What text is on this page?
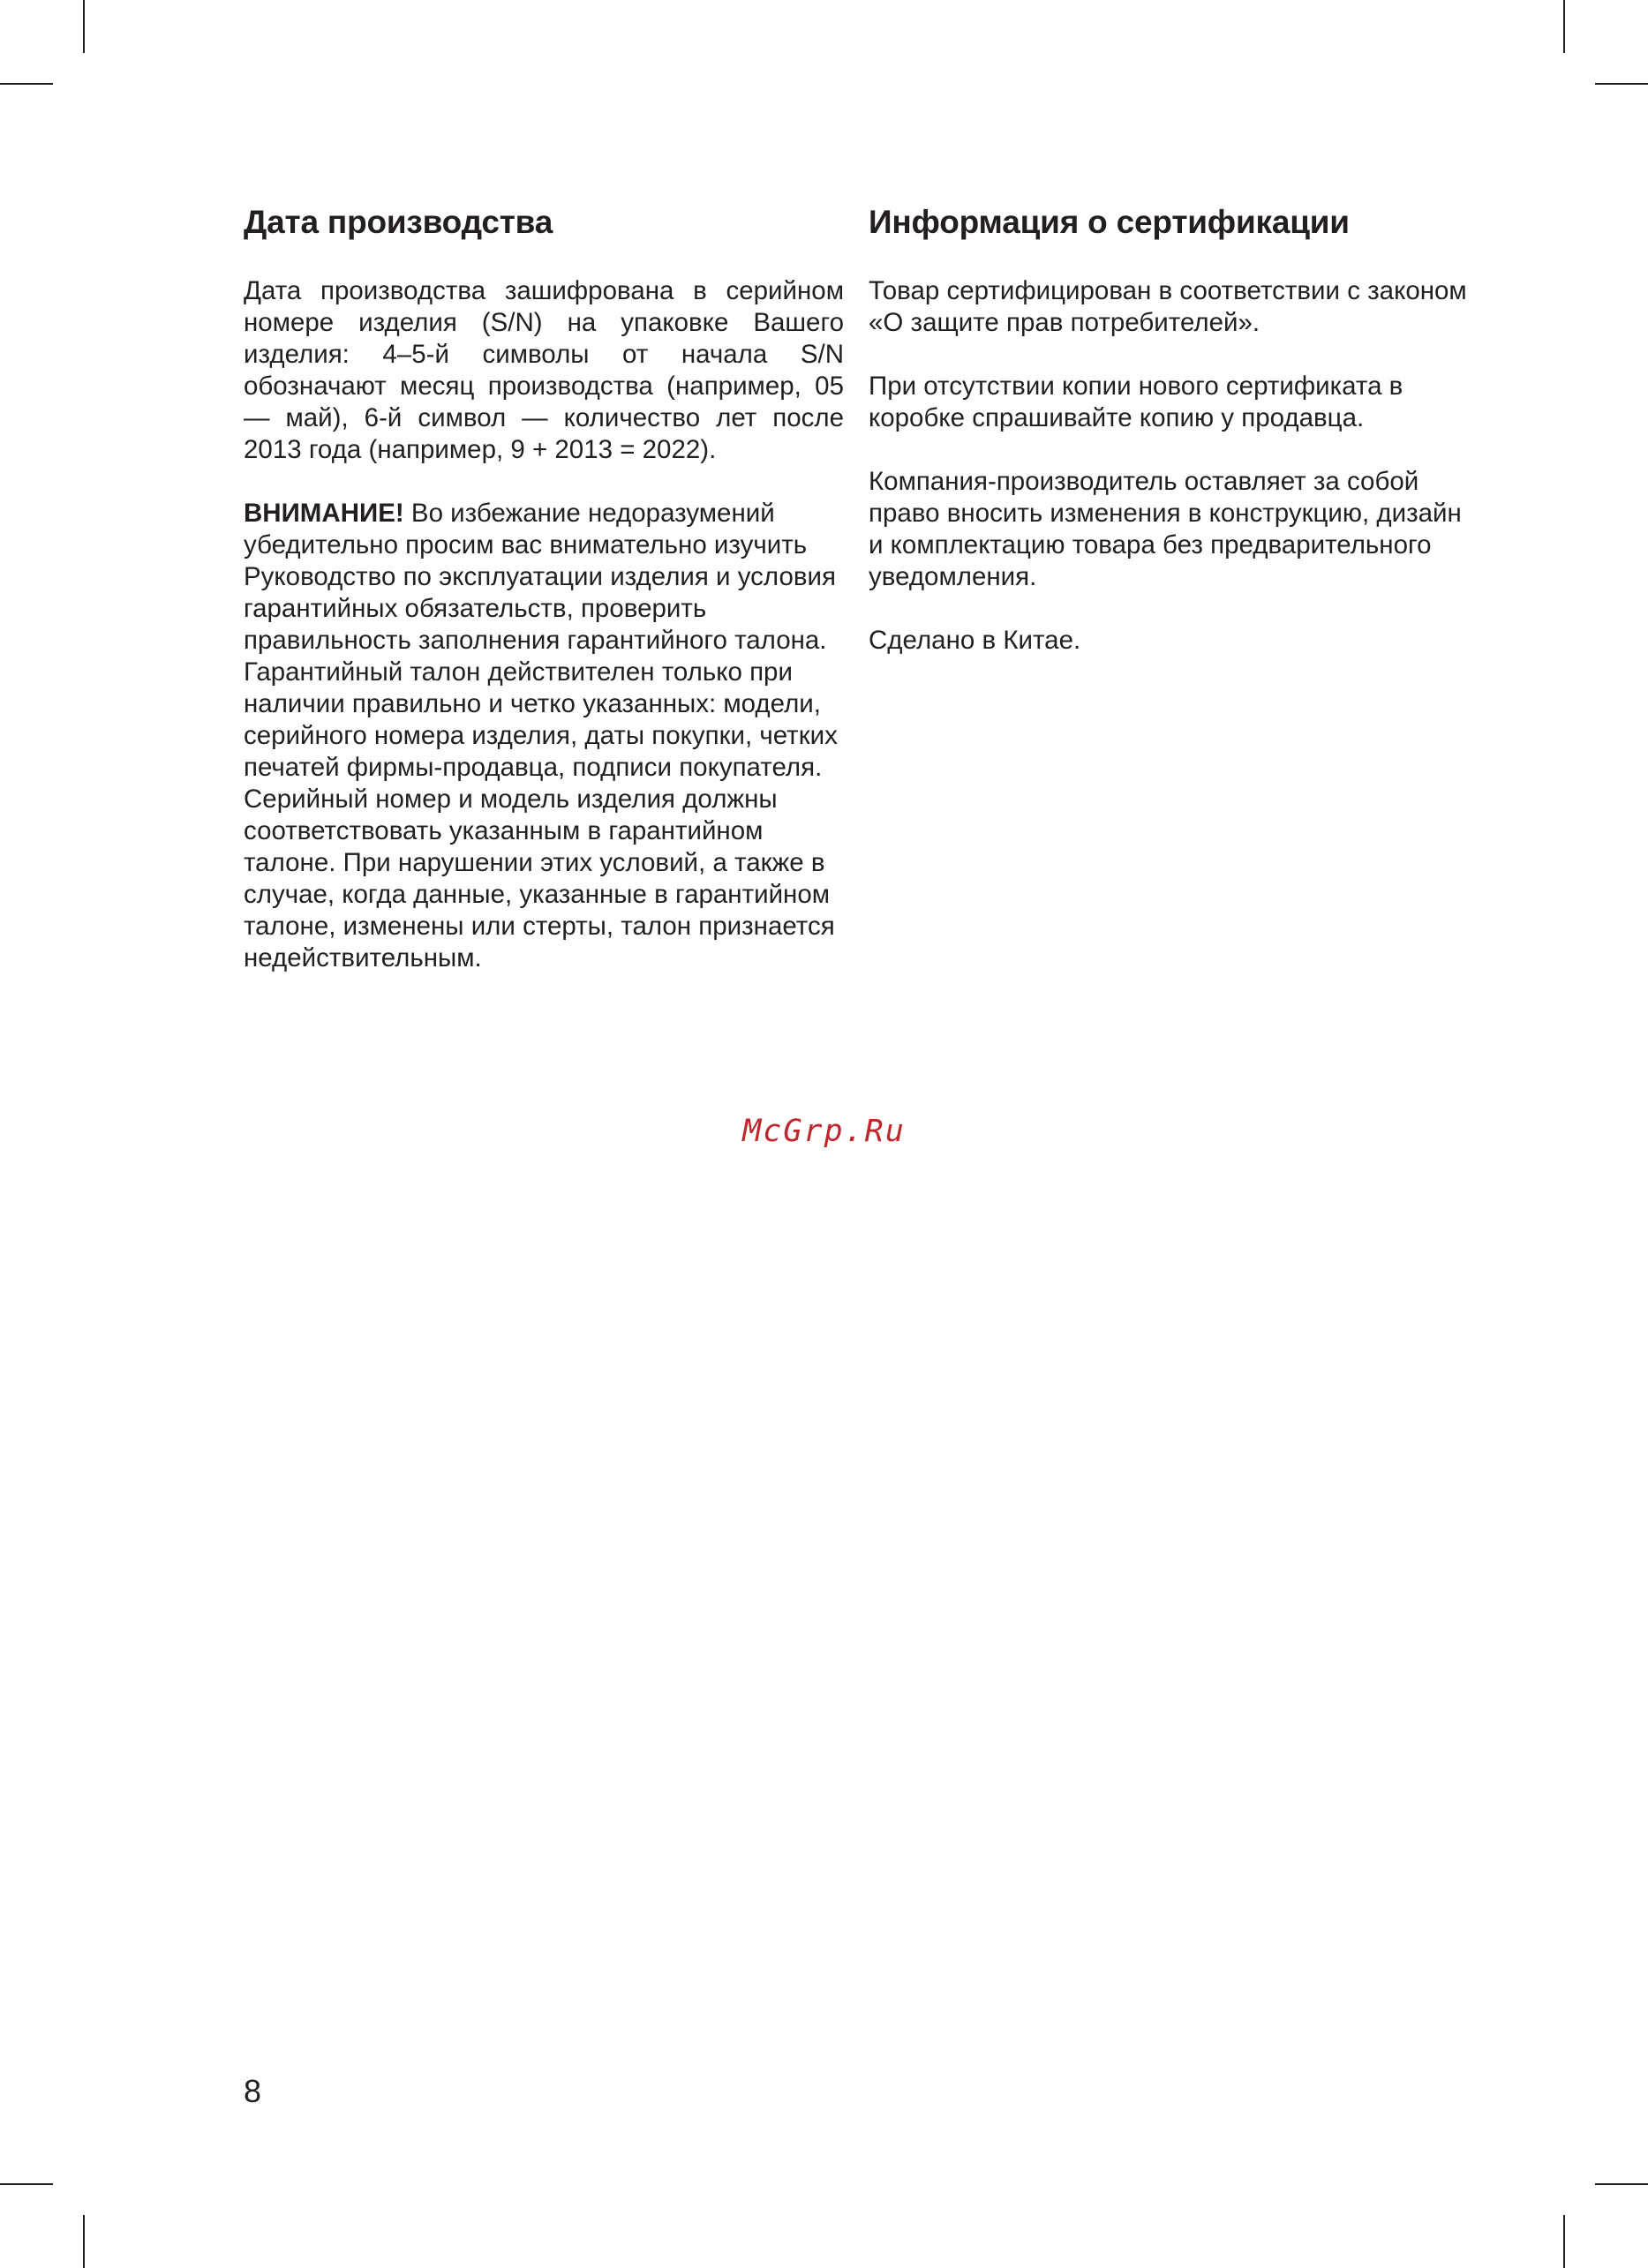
Дата производства

Дата производства зашифрована в серийном номере изделия (S/N) на упаковке Вашего изделия: 4–5-й символы от начала S/N обозначают месяц производства (например, 05 — май), 6-й символ — количество лет после 2013 года (например, 9 + 2013 = 2022).

ВНИМАНИЕ! Во избежание недоразумений убедительно просим вас внимательно изучить Руководство по эксплуатации изделия и условия гарантийных обязательств, проверить правильность заполнения гарантийного талона. Гарантийный талон действителен только при наличии правильно и четко указанных: модели, серийного номера изделия, даты покупки, четких печатей фирмы-продавца, подписи покупателя. Серийный номер и модель изделия должны соответствовать указанным в гарантийном талоне. При нарушении этих условий, а также в случае, когда данные, указанные в гарантийном талоне, изменены или стерты, талон признается недействительным.

Информация о сертификации

Товар сертифицирован в соответствии с законом «О защите прав потребителей».

При отсутствии копии нового сертификата в коробке спрашивайте копию у продавца.

Компания-производитель оставляет за собой право вносить изменения в конструкцию, дизайн и комплектацию товара без предварительного уведомления.

Сделано в Китае.

McGrp.Ru
8
